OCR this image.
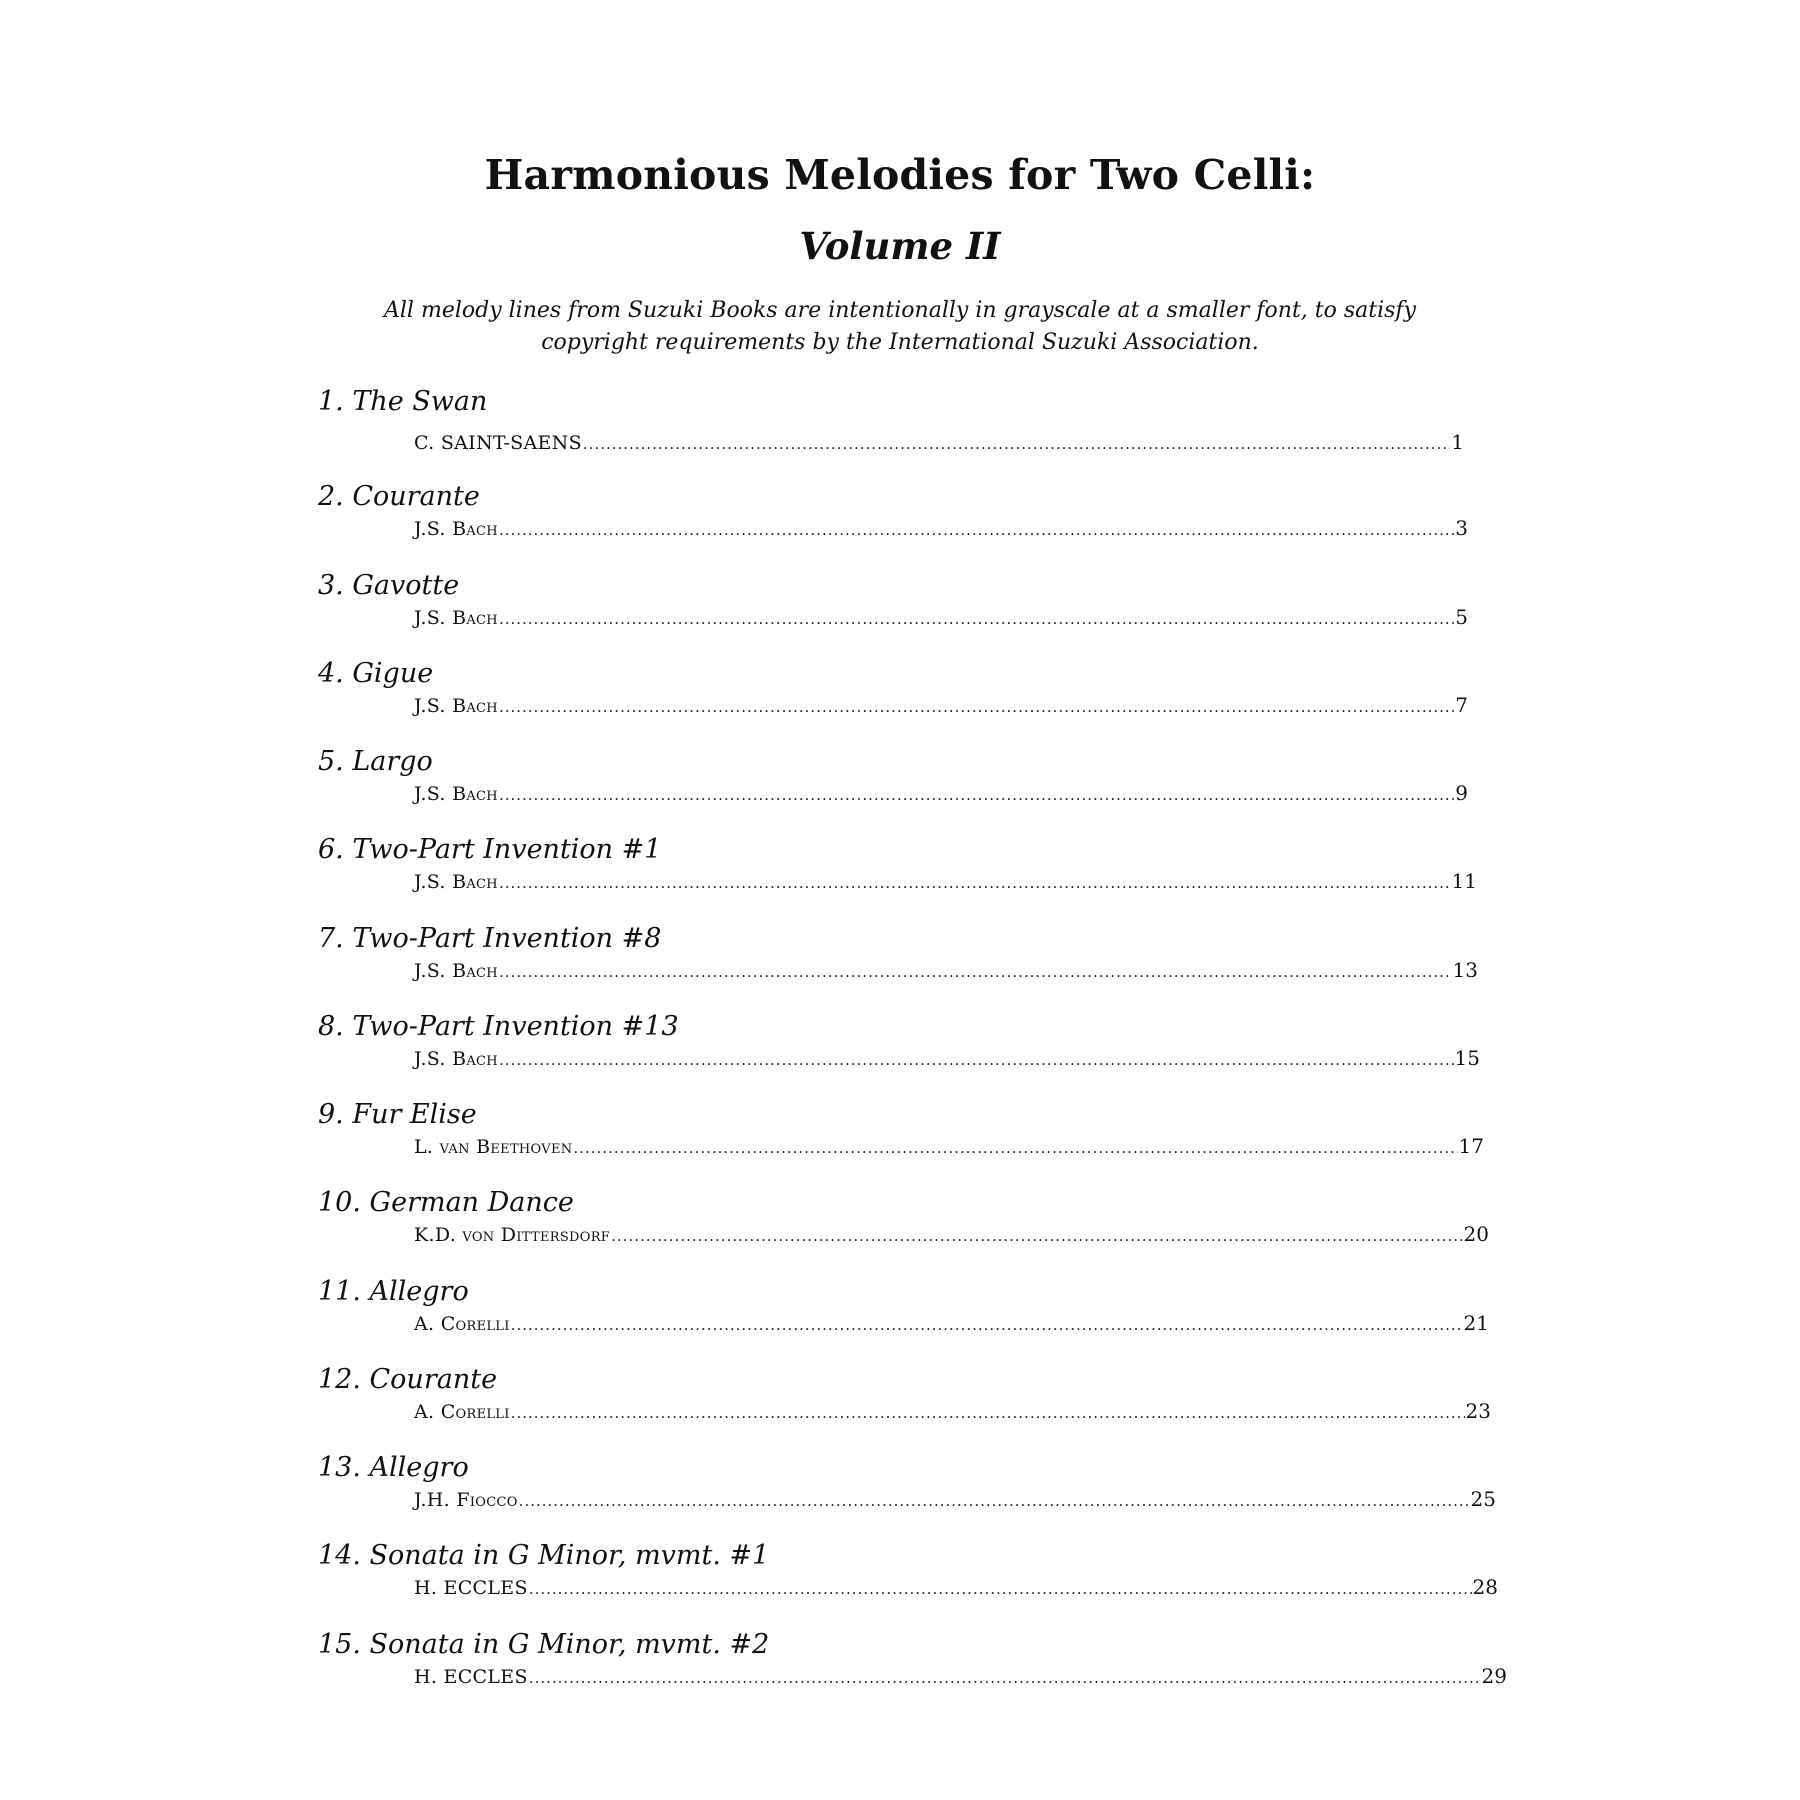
Harmonious Melodies for Two Celli:
Volume II
All melody lines from Suzuki Books are intentionally in grayscale at a smaller font, to satisfy
copyright requirements by the International Suzuki Association.
1. The Swan
C. SAINT-SAENS .....	1
2. Courante
J.S. Bach .....	3
3. Gavotte
J.S. Bach .....	5
4. Gigue
J.S. Bach .....	7
5. Largo
J.S. Bach .....	9
6. Two-Part Invention #1
J.S. Bach .....	11
7. Two-Part Invention #8
J.S. Bach .....	13
8. Two-Part Invention #13
J.S. Bach .....	15
9. Fur Elise
L. van Beethoven .....	17
10. German Dance
K.D. von Dittersdorf .....	20
11. Allegro
A. Corelli .....	21
12. Courante
A. Corelli .....	23
13. Allegro
J.H. Fiocco .....	25
14. Sonata in G Minor, mvmt. #1
H. ECCLES .....	28
15. Sonata in G Minor, mvmt. #2
H. ECCLES .....	29
